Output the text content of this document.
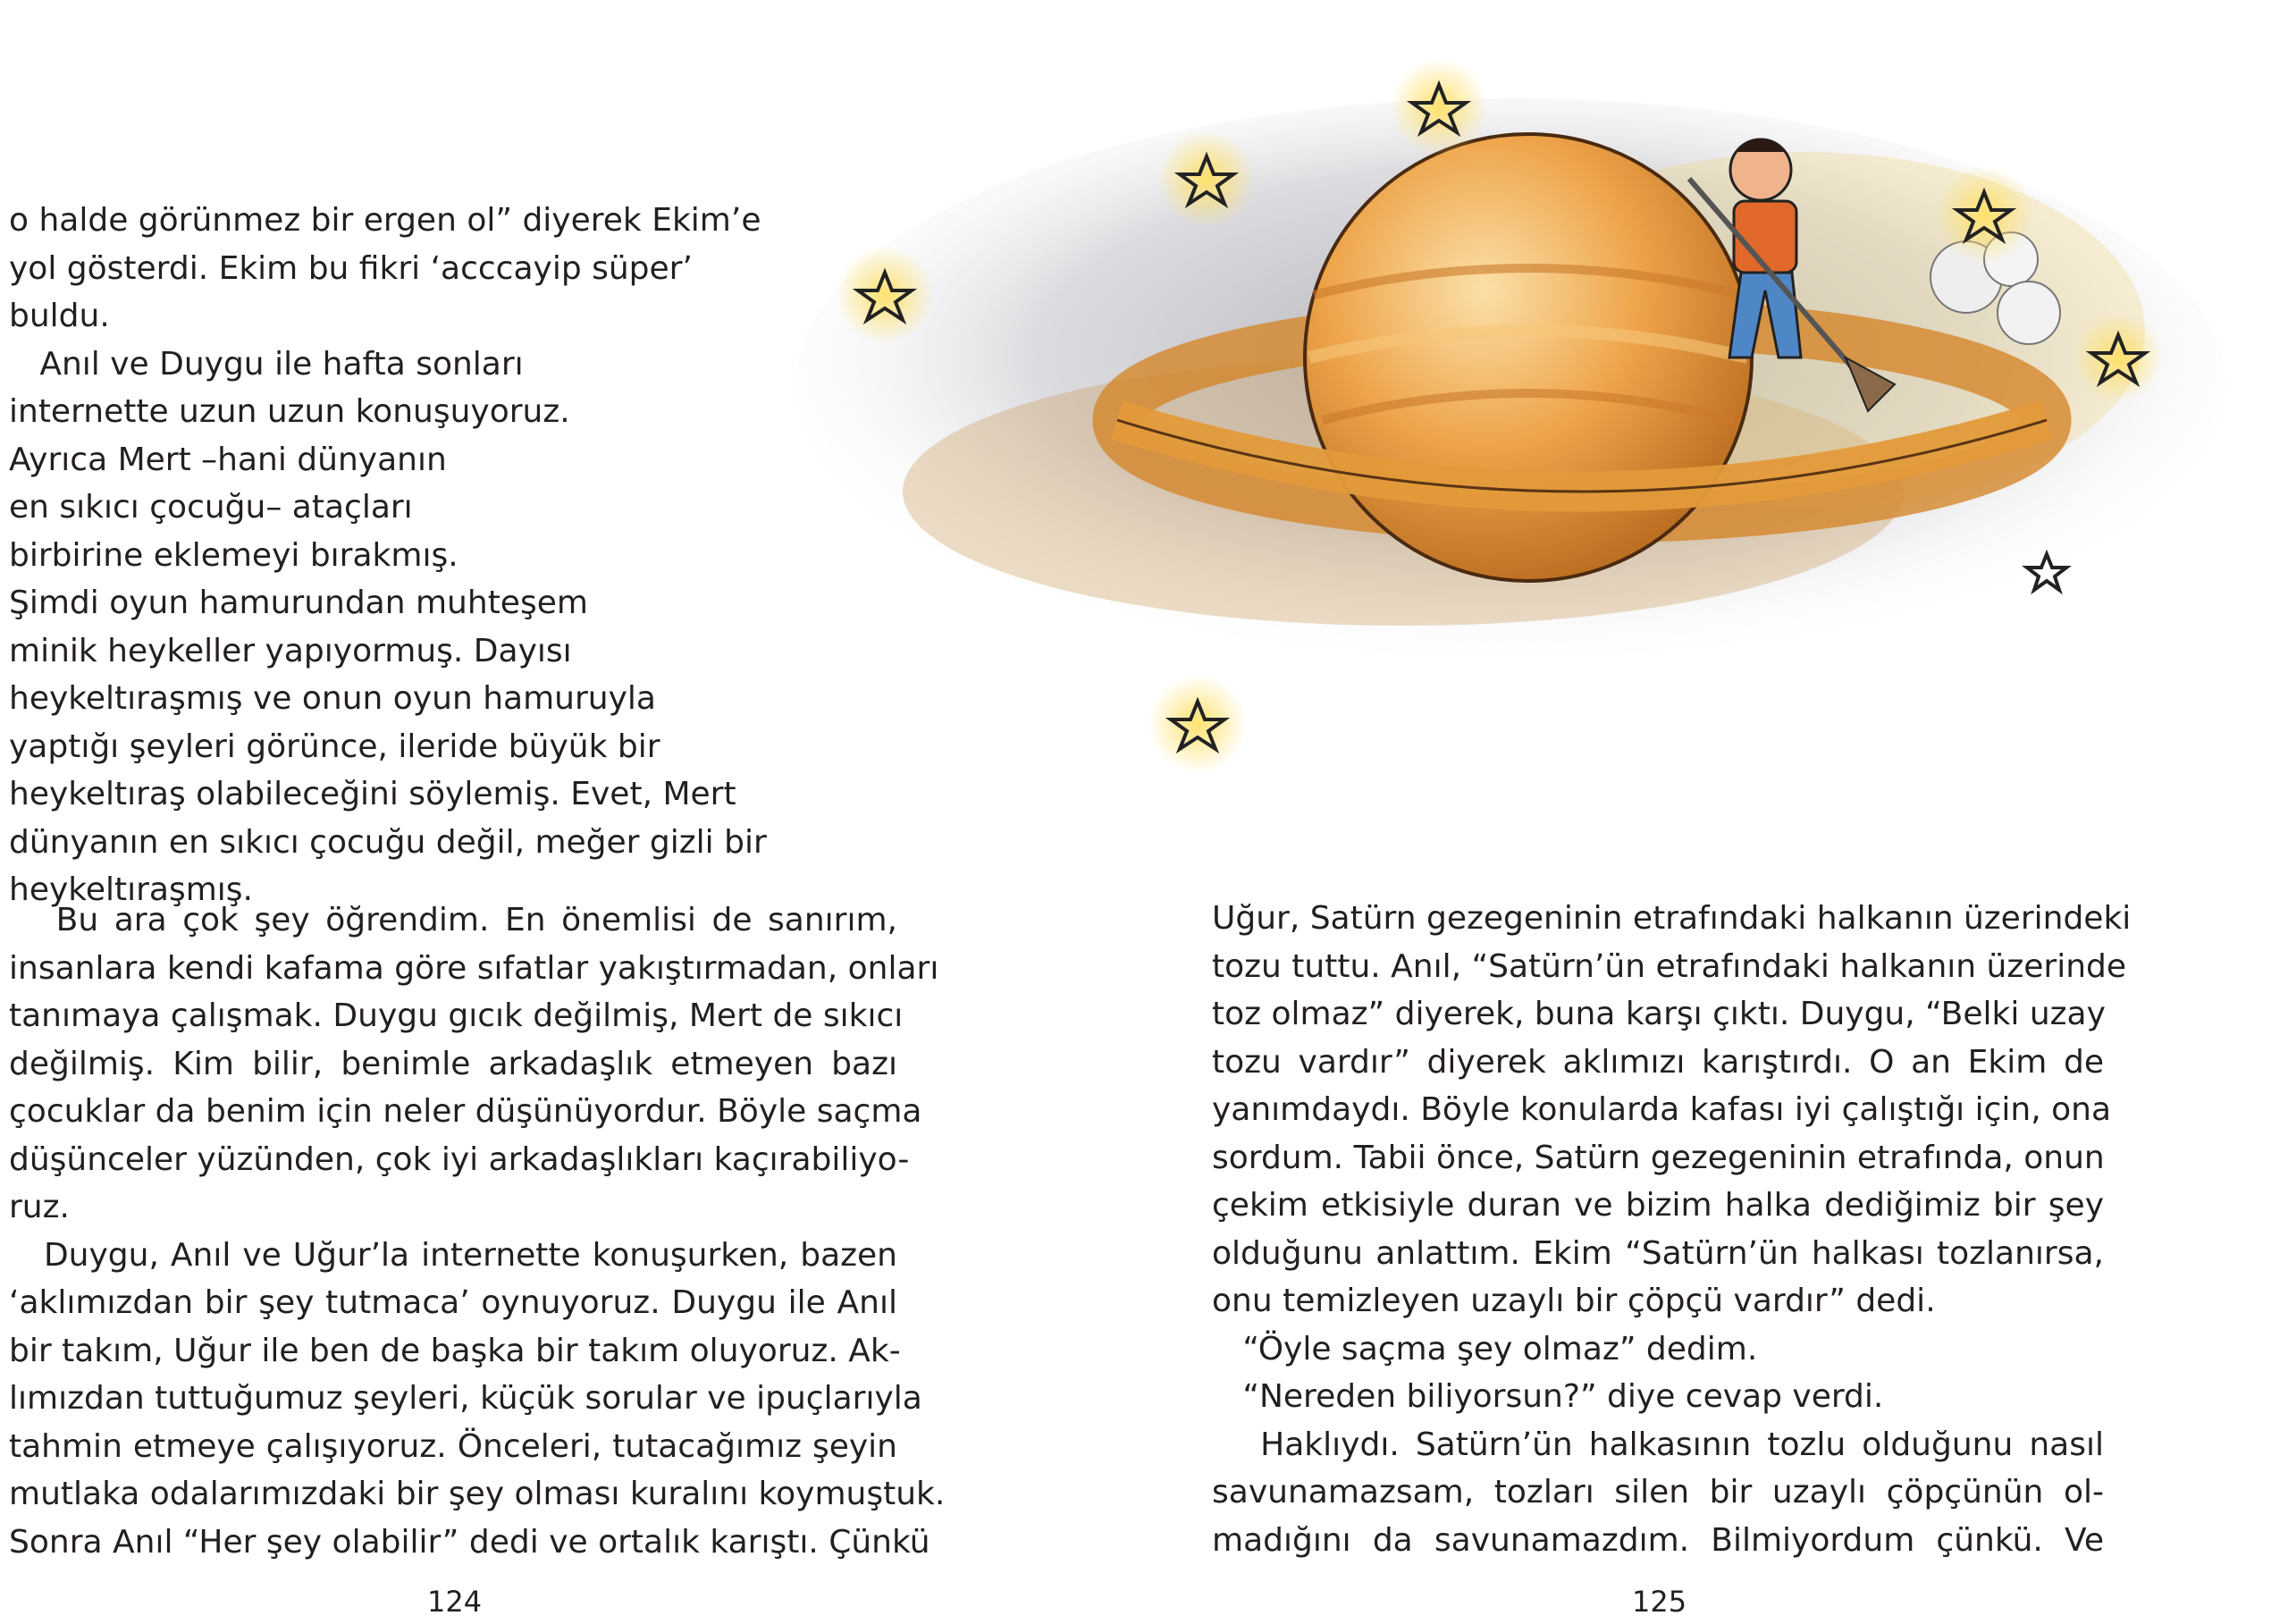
o halde görünmez bir ergen ol” diyerek Ekim’e
yol gösterdi. Ekim bu fikri ‘acccayip süper’
buldu.
Anıl ve Duygu ile hafta sonları
internette uzun uzun konuşuyoruz.
Ayrıca Mert –hani dünyanın
en sıkıcı çocuğu– ataçları
birbirine eklemeyi bırakmış.
Şimdi oyun hamurundan muhteşem
minik heykeller yapıyormuş. Dayısı
heykeltıraşmış ve onun oyun hamuruyla
yaptığı şeyleri görünce, ileride büyük bir
heykeltıraş olabileceğini söylemiş. Evet, Mert
dünyanın en sıkıcı çocuğu değil, meğer gizli bir
heykeltıraşmış.
Bu ara çok şey öğrendim. En önemlisi de sanırım,
insanlara kendi kafama göre sıfatlar yakıştırmadan, onları
tanımaya çalışmak. Duygu gıcık değilmiş, Mert de sıkıcı
değilmiş. Kim bilir, benimle arkadaşlık etmeyen bazı
çocuklar da benim için neler düşünüyordur. Böyle saçma
düşünceler yüzünden, çok iyi arkadaşlıkları kaçırabiliyo-
ruz.
Duygu, Anıl ve Uğur’la internette konuşurken, bazen
‘aklımızdan bir şey tutmaca’ oynuyoruz. Duygu ile Anıl
bir takım, Uğur ile ben de başka bir takım oluyoruz. Ak-
lımızdan tuttuğumuz şeyleri, küçük sorular ve ipuçlarıyla
tahmin etmeye çalışıyoruz. Önceleri, tutacağımız şeyin
mutlaka odalarımızdaki bir şey olması kuralını koymuştuk.
Sonra Anıl “Her şey olabilir” dedi ve ortalık karıştı. Çünkü

124

Uğur, Satürn gezegeninin etrafındaki halkanın üzerindeki
tozu tuttu. Anıl, “Satürn’ün etrafındaki halkanın üzerinde
toz olmaz” diyerek, buna karşı çıktı. Duygu, “Belki uzay
tozu vardır” diyerek aklımızı karıştırdı. O an Ekim de
yanımdaydı. Böyle konularda kafası iyi çalıştığı için, ona
sordum. Tabii önce, Satürn gezegeninin etrafında, onun
çekim etkisiyle duran ve bizim halka dediğimiz bir şey
olduğunu anlattım. Ekim “Satürn’ün halkası tozlanırsa,
onu temizleyen uzaylı bir çöpçü vardır” dedi.
“Öyle saçma şey olmaz” dedim.
“Nereden biliyorsun?” diye cevap verdi.
Haklıydı. Satürn’ün halkasının tozlu olduğunu nasıl
savunamazsam, tozları silen bir uzaylı çöpçünün ol-
madığını da savunamazdım. Bilmiyordum çünkü. Ve

125
